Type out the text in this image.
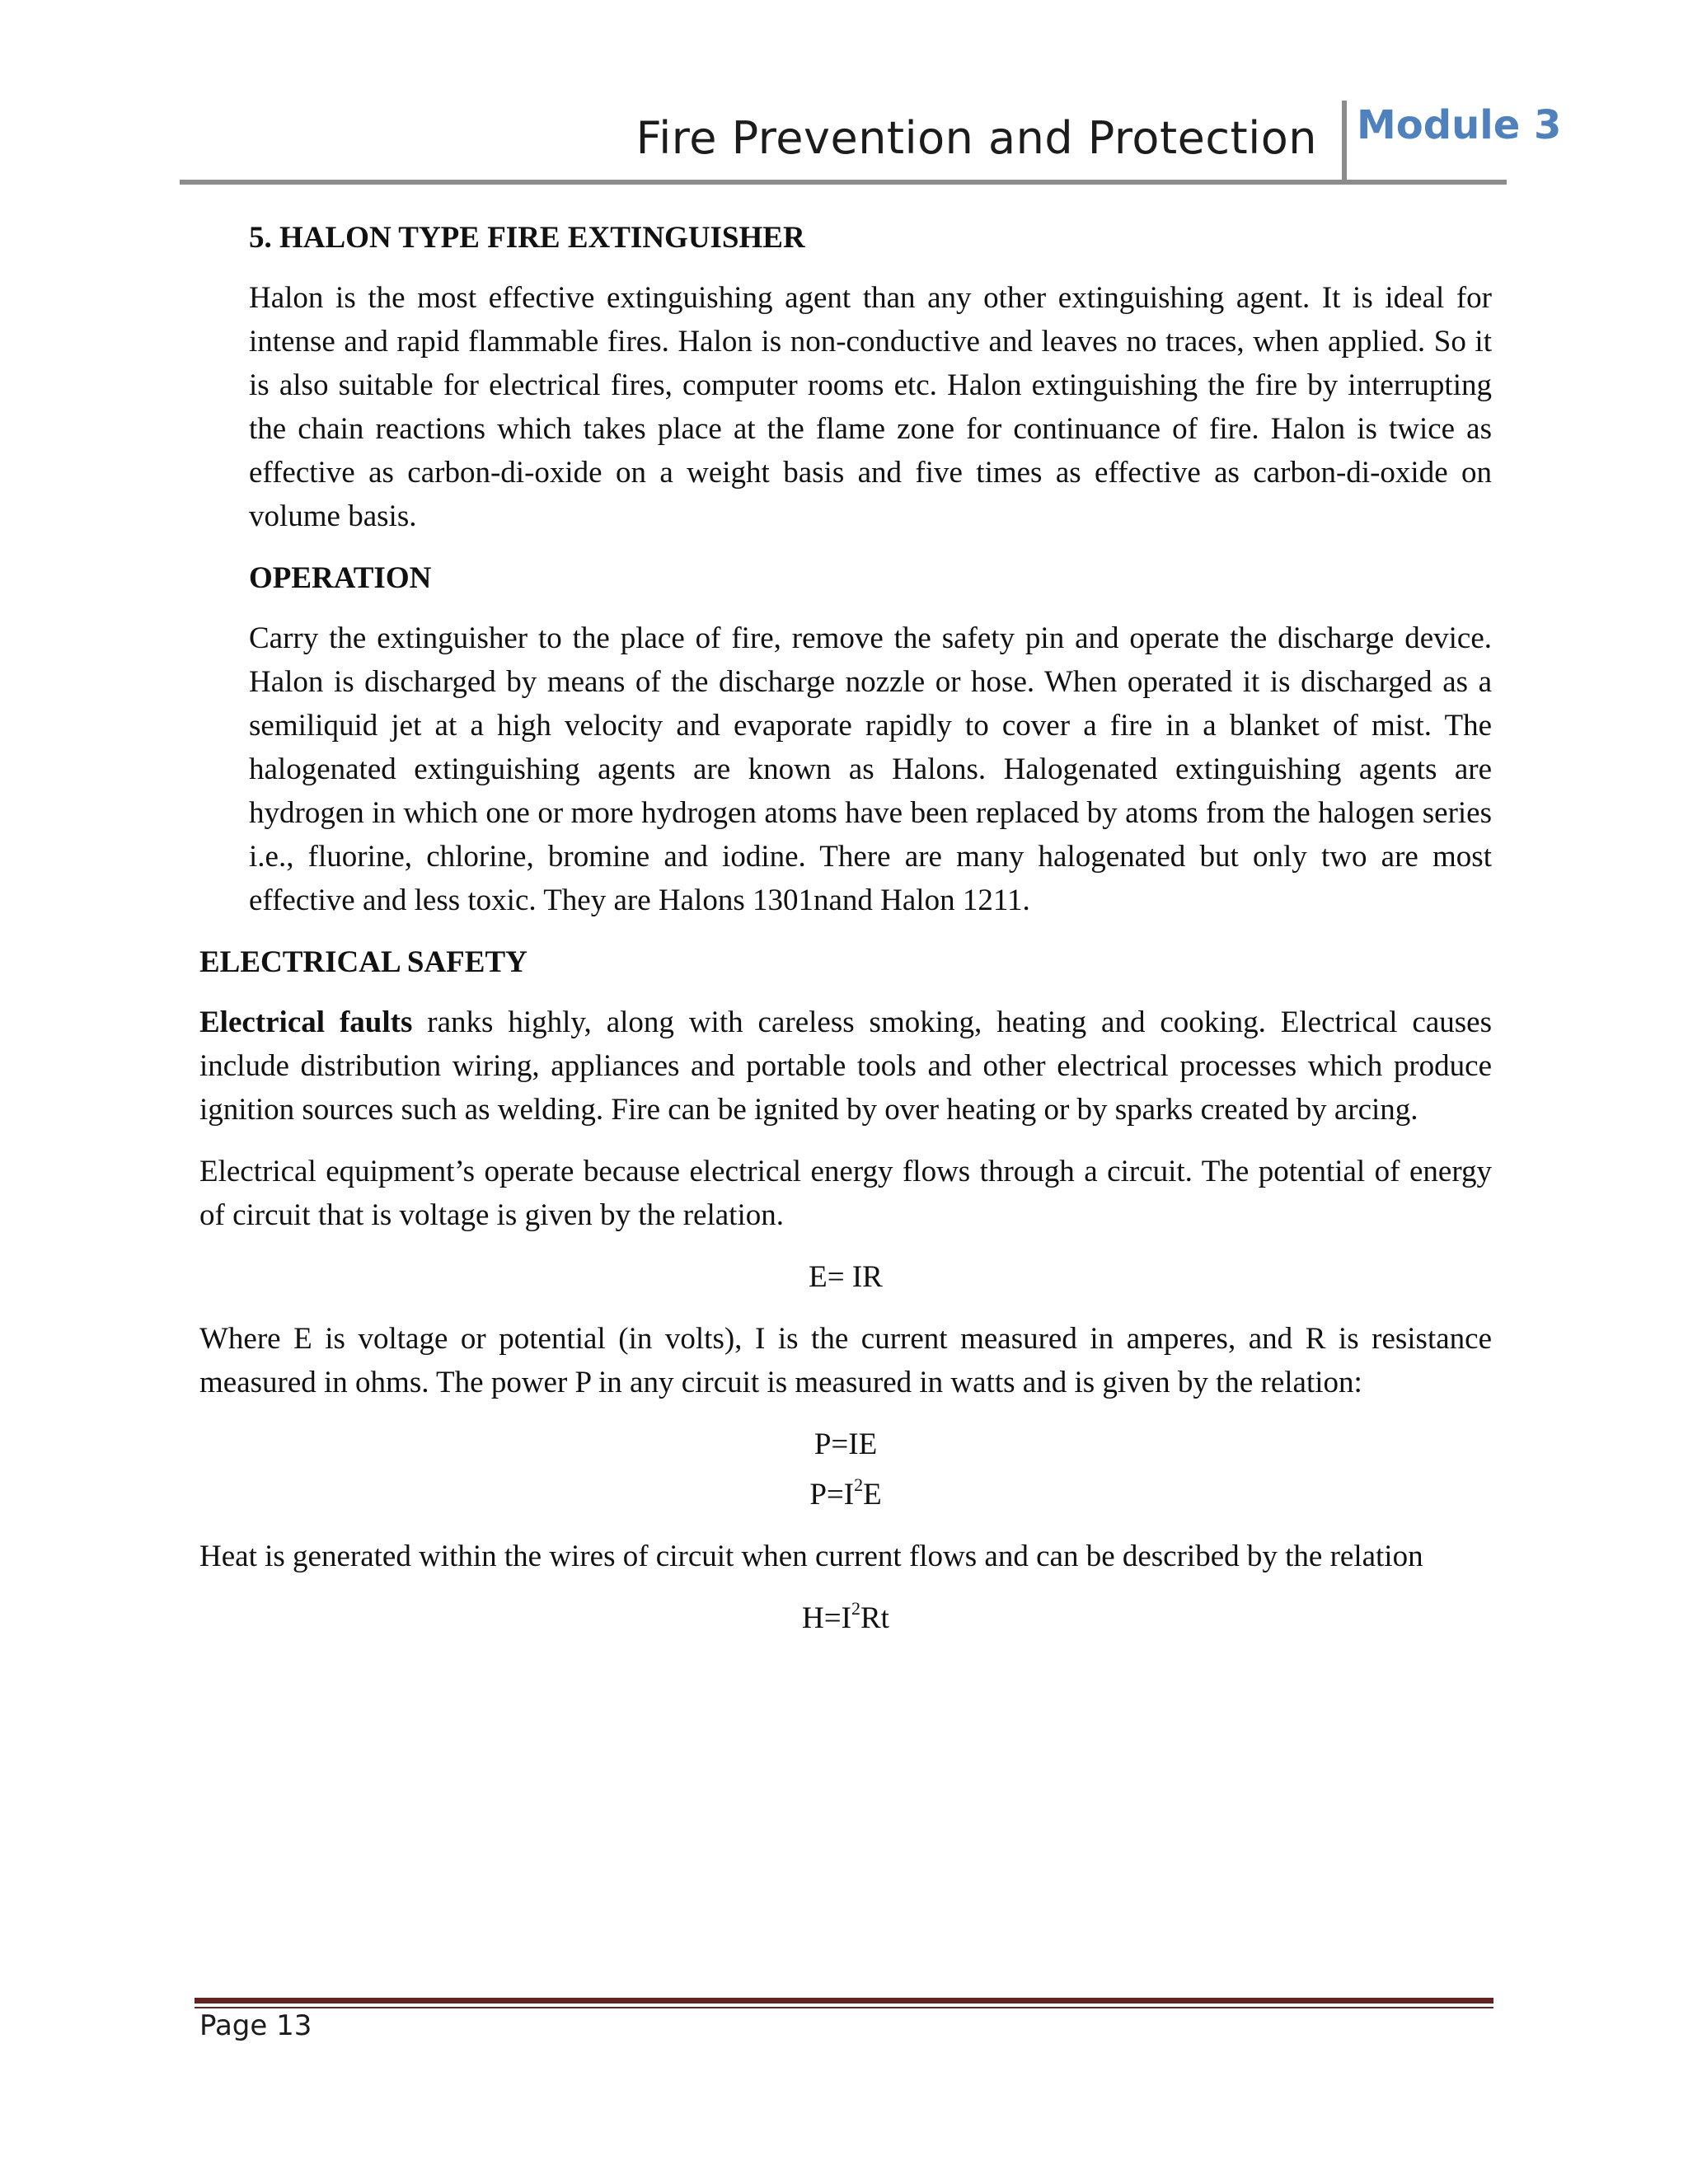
Fire Prevention and Protection Module 3

5. HALON TYPE FIRE EXTINGUISHER

Halon is the most effective extinguishing agent than any other extinguishing agent. It is ideal for intense and rapid flammable fires. Halon is non-conductive and leaves no traces, when applied. So it is also suitable for electrical fires, computer rooms etc. Halon extinguishing the fire by interrupting the chain reactions which takes place at the flame zone for continuance of fire. Halon is twice as effective as carbon-di-oxide on a weight basis and five times as effective as carbon-di-oxide on volume basis.

OPERATION

Carry the extinguisher to the place of fire, remove the safety pin and operate the discharge device. Halon is discharged by means of the discharge nozzle or hose. When operated it is discharged as a semiliquid jet at a high velocity and evaporate rapidly to cover a fire in a blanket of mist. The halogenated extinguishing agents are known as Halons. Halogenated extinguishing agents are hydrogen in which one or more hydrogen atoms have been replaced by atoms from the halogen series i.e., fluorine, chlorine, bromine and iodine. There are many halogenated but only two are most effective and less toxic. They are Halons 1301nand Halon 1211.

ELECTRICAL SAFETY

Electrical faults ranks highly, along with careless smoking, heating and cooking. Electrical causes include distribution wiring, appliances and portable tools and other electrical processes which produce ignition sources such as welding. Fire can be ignited by over heating or by sparks created by arcing.

Electrical equipment’s operate because electrical energy flows through a circuit. The potential of energy of circuit that is voltage is given by the relation.

E= IR

Where E is voltage or potential (in volts), I is the current measured in amperes, and R is resistance measured in ohms. The power P in any circuit is measured in watts and is given by the relation:

P=IE

$P=I^2E$

Heat is generated within the wires of circuit when current flows and can be described by the relation

$H=I^2Rt$

Page 13
